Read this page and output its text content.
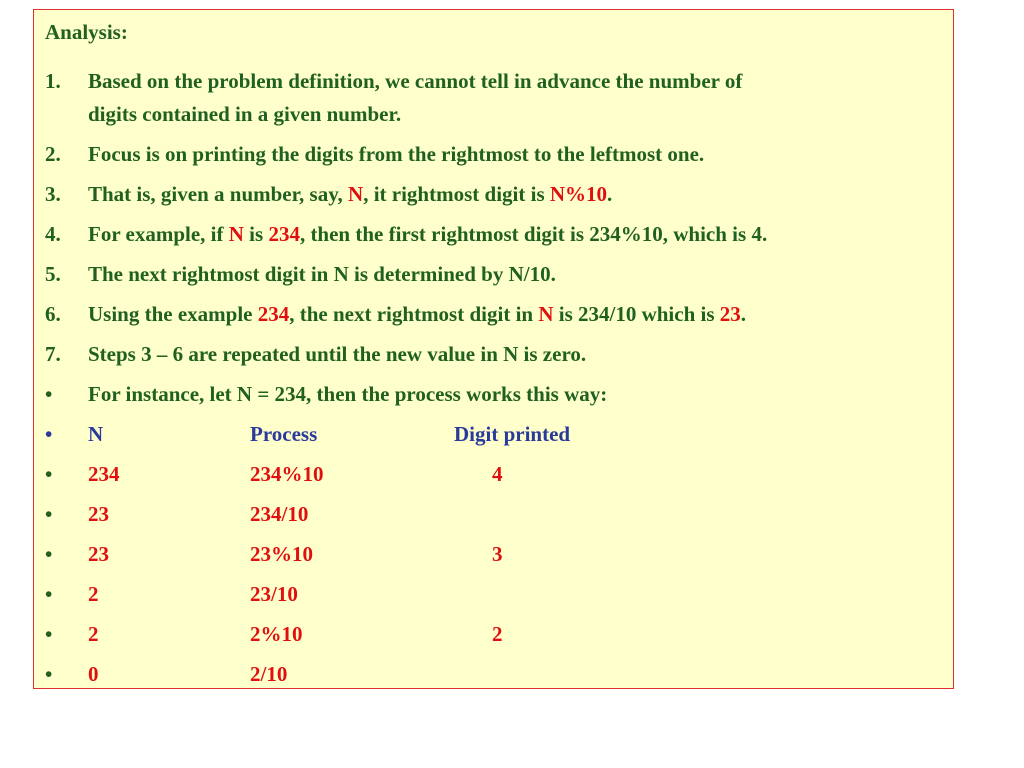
Analysis:
1. Based on the problem definition, we cannot tell in advance the number of
digits contained in a given number.
2. Focus is on printing the digits from the rightmost to the leftmost one.
3. That is, given a number, say, N, it rightmost digit is N%10.
4. For example, if N is 234, then the first rightmost digit is 234%10, which is 4.
5. The next rightmost digit in N is determined by N/10.
6. Using the example 234, the next rightmost digit in N is 234/10 which is 23.
7. Steps 3 – 6 are repeated until the new value in N is zero.
• For instance, let N = 234, then the process works this way:
• N	Process	Digit printed
• 234	234%10	4
• 23	234/10
• 23	23%10	3
• 2	23/10
• 2	2%10	2
• 0	2/10
